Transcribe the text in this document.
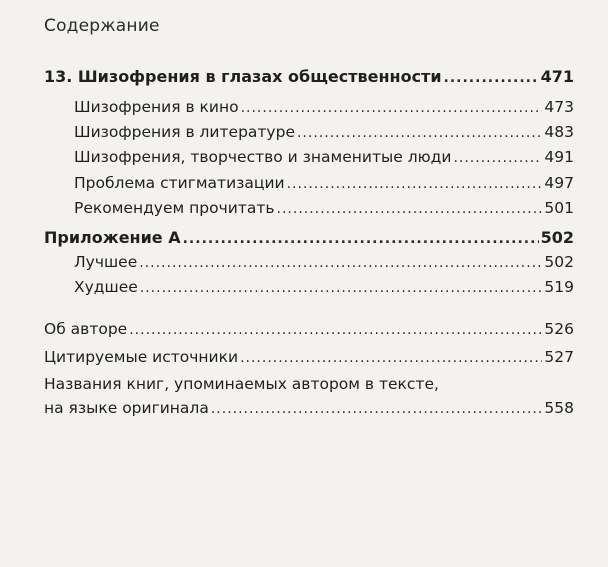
Содержание
13. Шизофрения в глазах общественности .....	471
Шизофрения в кино .....	473
Шизофрения в литературе .....	483
Шизофрения, творчество и знаменитые люди .....	491
Проблема стигматизации .....	497
Рекомендуем прочитать .....	501
Приложение А .....	502
Лучшее .....	502
Худшее .....	519
Об авторе .....	526
Цитируемые источники .....	527
Названия книг, упоминаемых автором в тексте,
на языке оригинала .....	558
